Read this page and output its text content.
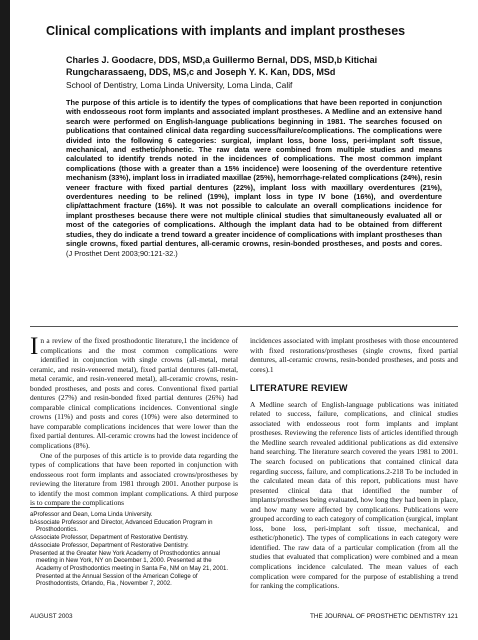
Clinical complications with implants and implant prostheses
Charles J. Goodacre, DDS, MSD,a Guillermo Bernal, DDS, MSD,b Kitichai Rungcharassaeng, DDS, MS,c and Joseph Y. K. Kan, DDS, MSd
School of Dentistry, Loma Linda University, Loma Linda, Calif
The purpose of this article is to identify the types of complications that have been reported in conjunction with endosseous root form implants and associated implant prostheses. A Medline and an extensive hand search were performed on English-language publications beginning in 1981. The searches focused on publications that contained clinical data regarding success/failure/complications. The complications were divided into the following 6 categories: surgical, implant loss, bone loss, peri-implant soft tissue, mechanical, and esthetic/phonetic. The raw data were combined from multiple studies and means calculated to identify trends noted in the incidences of complications. The most common implant complications (those with a greater than a 15% incidence) were loosening of the overdenture retentive mechanism (33%), implant loss in irradiated maxillae (25%), hemorrhage-related complications (24%), resin veneer fracture with fixed partial dentures (22%), implant loss with maxillary overdentures (21%), overdentures needing to be relined (19%), implant loss in type IV bone (16%), and overdenture clip/attachment fracture (16%). It was not possible to calculate an overall complications incidence for implant prostheses because there were not multiple clinical studies that simultaneously evaluated all or most of the categories of complications. Although the implant data had to be obtained from different studies, they do indicate a trend toward a greater incidence of complications with implant prostheses than single crowns, fixed partial dentures, all-ceramic crowns, resin-bonded prostheses, and posts and cores. (J Prosthet Dent 2003;90:121-32.)

In a review of the fixed prosthodontic literature,1 the incidence of complications and the most common complications were identified in conjunction with single crowns (all-metal, metal ceramic, and resin-veneered metal), fixed partial dentures (all-metal, metal ceramic, and resin-veneered metal), all-ceramic crowns, resin-bonded prostheses, and posts and cores. Conventional fixed partial dentures (27%) and resin-bonded fixed partial dentures (26%) had comparable clinical complications incidences. Conventional single crowns (11%) and posts and cores (10%) were also determined to have comparable complications incidences that were lower than the fixed partial dentures. All-ceramic crowns had the lowest incidence of complications (8%).

One of the purposes of this article is to provide data regarding the types of complications that have been reported in conjunction with endosseous root form implants and associated crowns/prostheses by reviewing the literature from 1981 through 2001. Another purpose is to identify the most common implant complications. A third purpose is to compare the complications

aProfessor and Dean, Loma Linda University.
bAssociate Professor and Director, Advanced Education Program in Prosthodontics.
cAssociate Professor, Department of Restorative Dentistry.
dAssociate Professor, Department of Restorative Dentistry.
Presented at the Greater New York Academy of Prosthodontics annual meeting in New York, NY on December 1, 2000. Presented at the Academy of Prosthodontics meeting in Santa Fe, NM on May 21, 2001. Presented at the Annual Session of the American College of Prosthodontists, Orlando, Fla., November 7, 2002.

incidences associated with implant prostheses with those encountered with fixed restorations/prostheses (single crowns, fixed partial dentures, all-ceramic crowns, resin-bonded prostheses, and posts and cores).1

LITERATURE REVIEW

A Medline search of English-language publications was initiated related to success, failure, complications, and clinical studies associated with endosseous root form implants and implant prostheses. Reviewing the reference lists of articles identified through the Medline search revealed additional publications as did extensive hand searching. The literature search covered the years 1981 to 2001. The search focused on publications that contained clinical data regarding success, failure, and complications.2-218 To be included in the calculated mean data of this report, publications must have presented clinical data that identified the number of implants/prostheses being evaluated, how long they had been in place, and how many were affected by complications. Publications were grouped according to each category of complication (surgical, implant loss, bone loss, peri-implant soft tissue, mechanical, and esthetic/phonetic). The types of complications in each category were identified. The raw data of a particular complication (from all the studies that evaluated that complication) were combined and a mean complications incidence calculated. The mean values of each complication were compared for the purpose of establishing a trend for ranking the complications.

AUGUST 2003	THE JOURNAL OF PROSTHETIC DENTISTRY 121
